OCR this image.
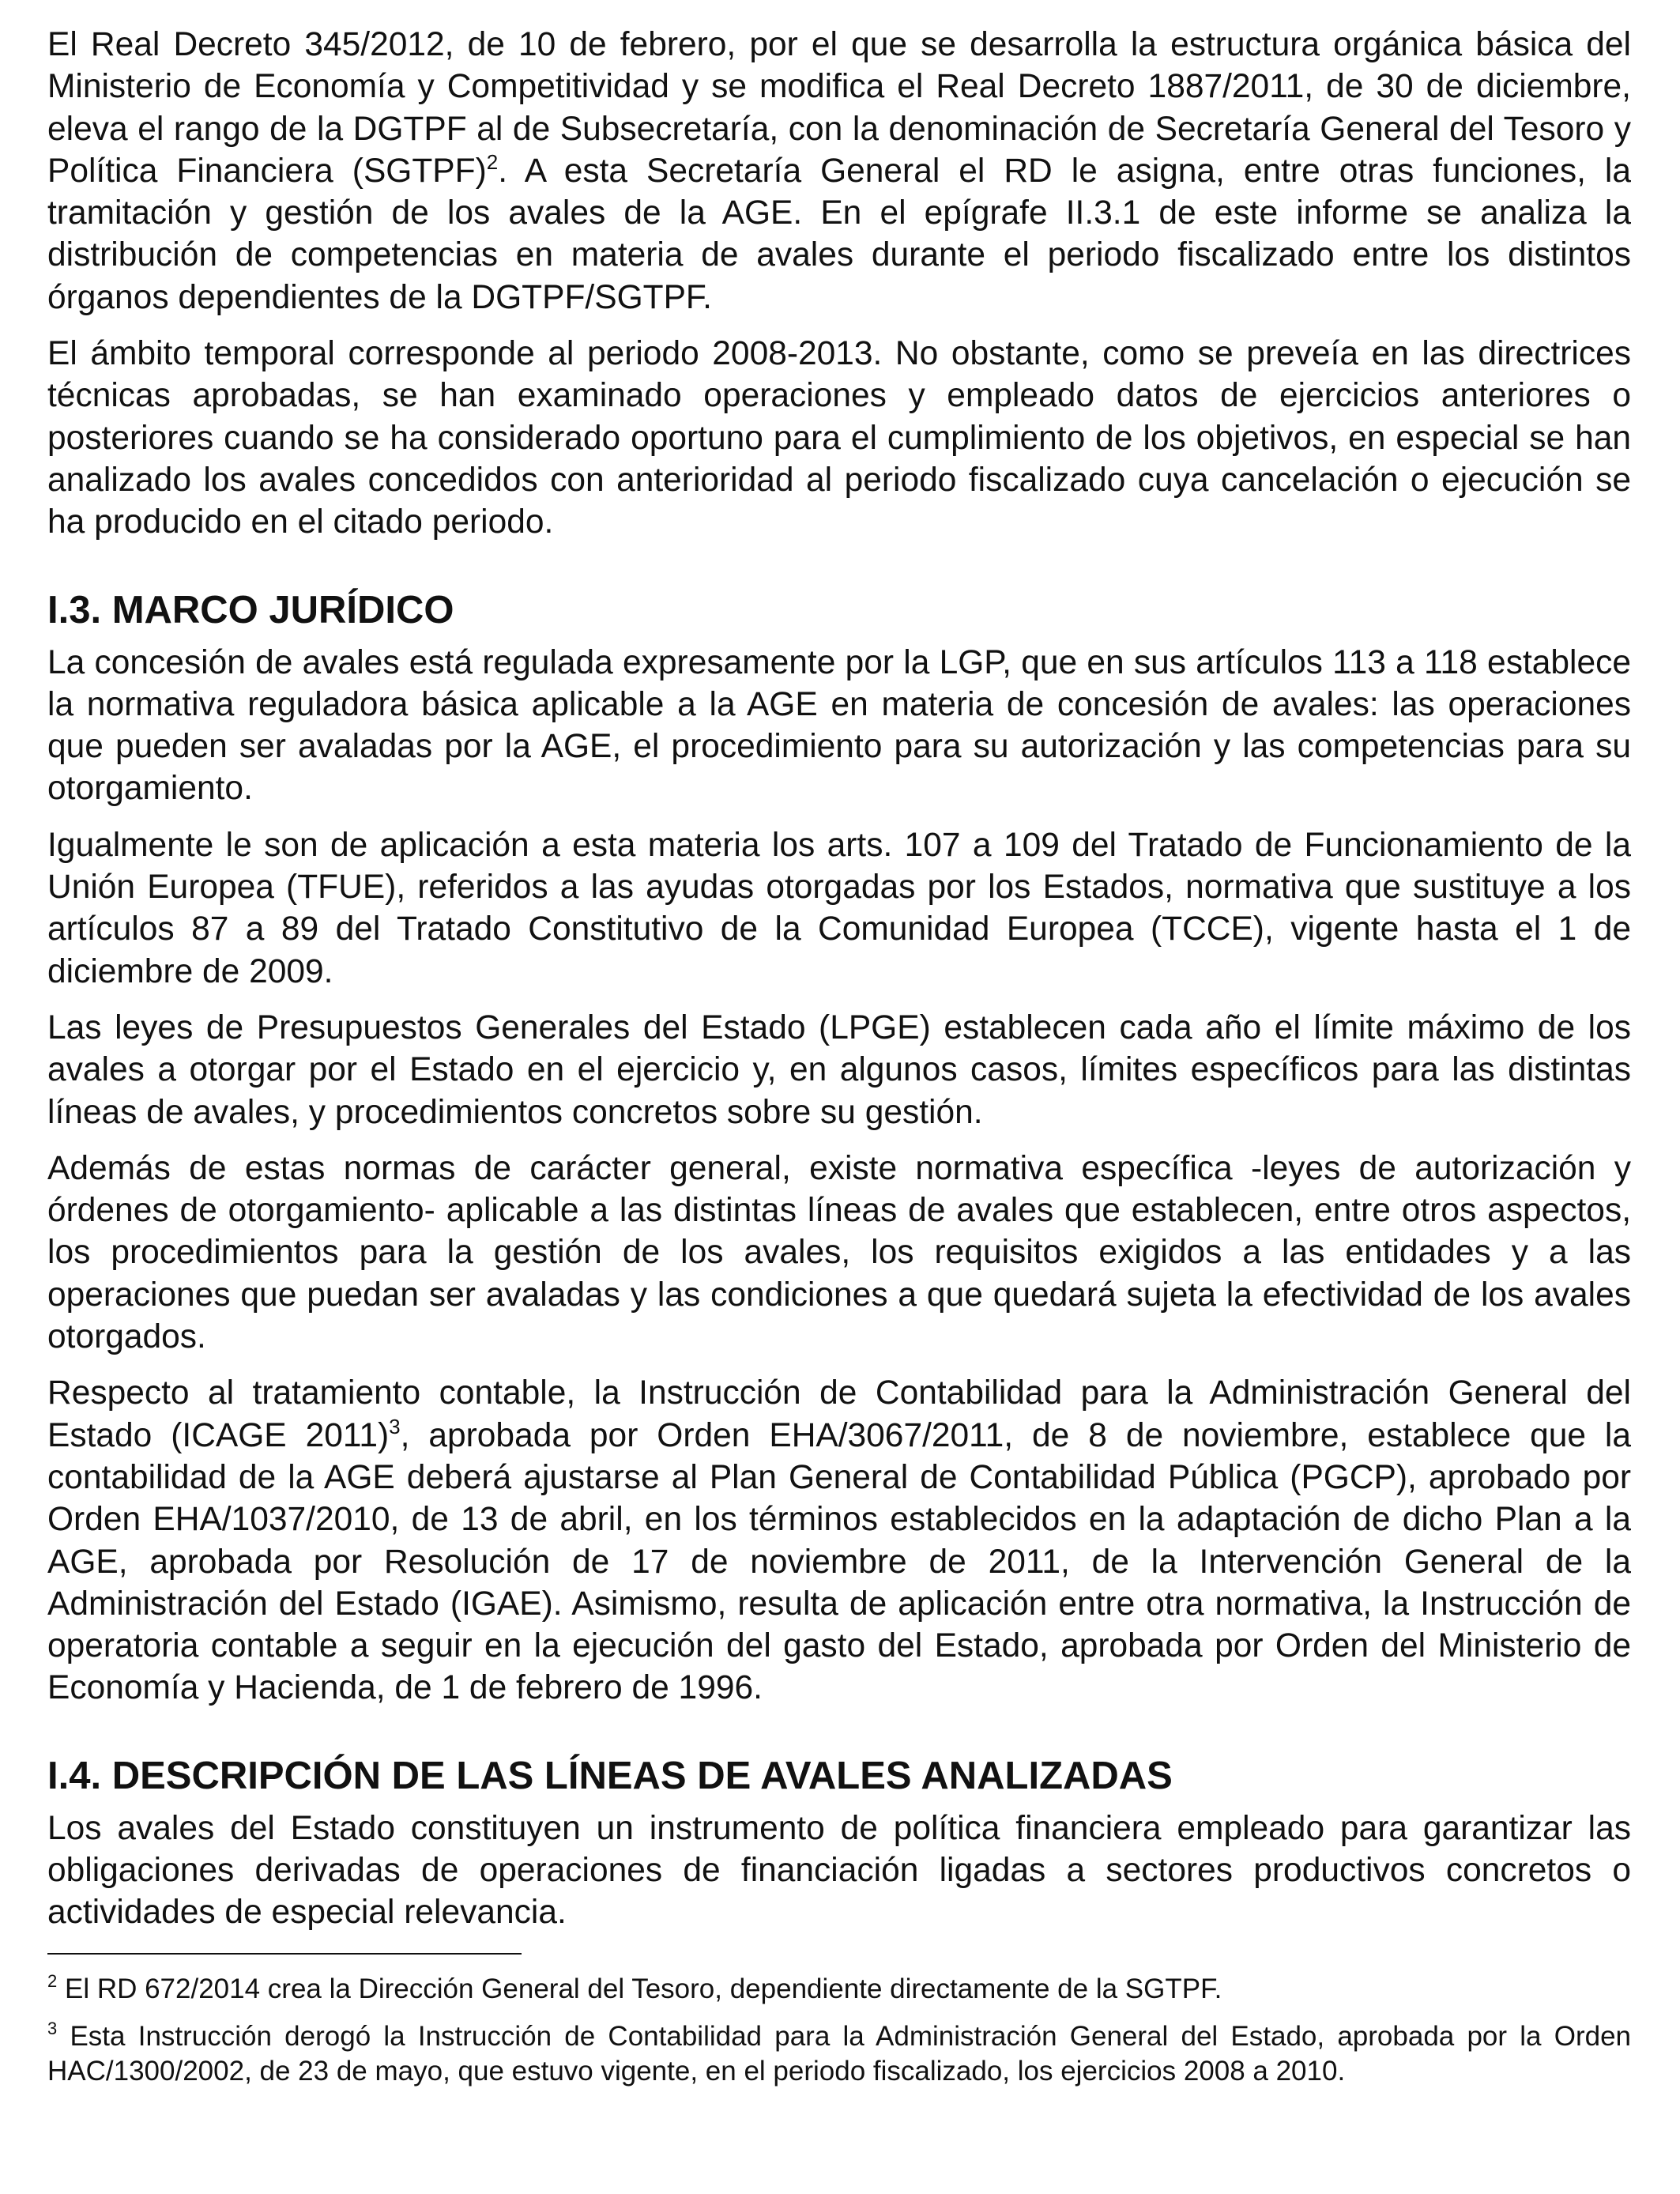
El Real Decreto 345/2012, de 10 de febrero, por el que se desarrolla la estructura orgánica básica del Ministerio de Economía y Competitividad y se modifica el Real Decreto 1887/2011, de 30 de diciembre, eleva el rango de la DGTPF al de Subsecretaría, con la denominación de Secretaría General del Tesoro y Política Financiera (SGTPF)$^2$. A esta Secretaría General el RD le asigna, entre otras funciones, la tramitación y gestión de los avales de la AGE. En el epígrafe II.3.1 de este informe se analiza la distribución de competencias en materia de avales durante el periodo fiscalizado entre los distintos órganos dependientes de la DGTPF/SGTPF.

El ámbito temporal corresponde al periodo 2008-2013. No obstante, como se preveía en las directrices técnicas aprobadas, se han examinado operaciones y empleado datos de ejercicios anteriores o posteriores cuando se ha considerado oportuno para el cumplimiento de los objetivos, en especial se han analizado los avales concedidos con anterioridad al periodo fiscalizado cuya cancelación o ejecución se ha producido en el citado periodo.

I.3. MARCO JURÍDICO

La concesión de avales está regulada expresamente por la LGP, que en sus artículos 113 a 118 establece la normativa reguladora básica aplicable a la AGE en materia de concesión de avales: las operaciones que pueden ser avaladas por la AGE, el procedimiento para su autorización y las competencias para su otorgamiento.

Igualmente le son de aplicación a esta materia los arts. 107 a 109 del Tratado de Funcionamiento de la Unión Europea (TFUE), referidos a las ayudas otorgadas por los Estados, normativa que sustituye a los artículos 87 a 89 del Tratado Constitutivo de la Comunidad Europea (TCCE), vigente hasta el 1 de diciembre de 2009.

Las leyes de Presupuestos Generales del Estado (LPGE) establecen cada año el límite máximo de los avales a otorgar por el Estado en el ejercicio y, en algunos casos, límites específicos para las distintas líneas de avales, y procedimientos concretos sobre su gestión.

Además de estas normas de carácter general, existe normativa específica -leyes de autorización y órdenes de otorgamiento- aplicable a las distintas líneas de avales que establecen, entre otros aspectos, los procedimientos para la gestión de los avales, los requisitos exigidos a las entidades y a las operaciones que puedan ser avaladas y las condiciones a que quedará sujeta la efectividad de los avales otorgados.

Respecto al tratamiento contable, la Instrucción de Contabilidad para la Administración General del Estado (ICAGE 2011)$^3$, aprobada por Orden EHA/3067/2011, de 8 de noviembre, establece que la contabilidad de la AGE deberá ajustarse al Plan General de Contabilidad Pública (PGCP), aprobado por Orden EHA/1037/2010, de 13 de abril, en los términos establecidos en la adaptación de dicho Plan a la AGE, aprobada por Resolución de 17 de noviembre de 2011, de la Intervención General de la Administración del Estado (IGAE). Asimismo, resulta de aplicación entre otra normativa, la Instrucción de operatoria contable a seguir en la ejecución del gasto del Estado, aprobada por Orden del Ministerio de Economía y Hacienda, de 1 de febrero de 1996.

I.4. DESCRIPCIÓN DE LAS LÍNEAS DE AVALES ANALIZADAS

Los avales del Estado constituyen un instrumento de política financiera empleado para garantizar las obligaciones derivadas de operaciones de financiación ligadas a sectores productivos concretos o actividades de especial relevancia.

$^2$ El RD 672/2014 crea la Dirección General del Tesoro, dependiente directamente de la SGTPF.

$^3$ Esta Instrucción derogó la Instrucción de Contabilidad para la Administración General del Estado, aprobada por la Orden HAC/1300/2002, de 23 de mayo, que estuvo vigente, en el periodo fiscalizado, los ejercicios 2008 a 2010.
